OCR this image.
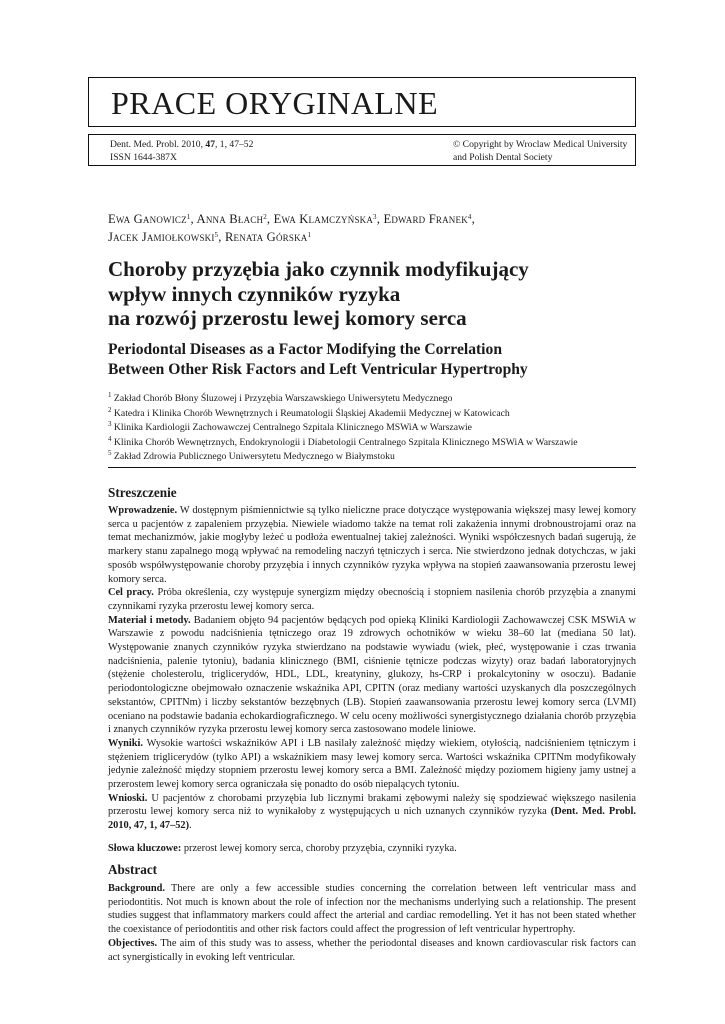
PRACE ORYGINALNE
Dent. Med. Probl. 2010, 47, 1, 47–52
ISSN 1644-387X
© Copyright by Wroclaw Medical University
and Polish Dental Society
Ewa Ganowicz$^1$, Anna Błach$^2$, Ewa Klamczyńska$^3$, Edward Franek$^4$,
Jacek Jamiołkowski$^5$, Renata Górska$^1$
Choroby przyzębia jako czynnik modyfikujący
wpływ innych czynników ryzyka
na rozwój przerostu lewej komory serca
Periodontal Diseases as a Factor Modifying the Correlation
Between Other Risk Factors and Left Ventricular Hypertrophy
$^1$ Zakład Chorób Błony Śluzowej i Przyzębia Warszawskiego Uniwersytetu Medycznego
$^2$ Katedra i Klinika Chorób Wewnętrznych i Reumatologii Śląskiej Akademii Medycznej w Katowicach
$^3$ Klinika Kardiologii Zachowawczej Centralnego Szpitala Klinicznego MSWiA w Warszawie
$^4$ Klinika Chorób Wewnętrznych, Endokrynologii i Diabetologii Centralnego Szpitala Klinicznego MSWiA w Warszawie
$^5$ Zakład Zdrowia Publicznego Uniwersytetu Medycznego w Białymstoku
Streszczenie

Wprowadzenie. W dostępnym piśmiennictwie są tylko nieliczne prace dotyczące występowania większej masy lewej komory serca u pacjentów z zapaleniem przyzębia. Niewiele wiadomo także na temat roli zakażenia innymi drobnoustrojami oraz na temat mechanizmów, jakie mogłyby leżeć u podłoża ewentualnej takiej zależności. Wyniki współczesnych badań sugerują, że markery stanu zapalnego mogą wpływać na remodeling naczyń tętniczych i serca. Nie stwierdzono jednak dotychczas, w jaki sposób współwystępowanie choroby przyzębia i innych czynników ryzyka wpływa na stopień zaawansowania przerostu lewej komory serca.

Cel pracy. Próba określenia, czy występuje synergizm między obecnością i stopniem nasilenia chorób przyzębia a znanymi czynnikami ryzyka przerostu lewej komory serca.

Materiał i metody. Badaniem objęto 94 pacjentów będących pod opieką Kliniki Kardiologii Zachowawczej CSK MSWiA w Warszawie z powodu nadciśnienia tętniczego oraz 19 zdrowych ochotników w wieku 38–60 lat (mediana 50 lat). Występowanie znanych czynników ryzyka stwierdzano na podstawie wywiadu (wiek, płeć, występowanie i czas trwania nadciśnienia, palenie tytoniu), badania klinicznego (BMI, ciśnienie tętnicze podczas wizyty) oraz badań laboratoryjnych (stężenie cholesterolu, triglicerydów, HDL, LDL, kreatyniny, glukozy, hs-CRP i prokalcytoniny w osoczu). Badanie periodontologiczne obejmowało oznaczenie wskaźnika API, CPITN (oraz mediany wartości uzyskanych dla poszczególnych sekstantów, CPITNm) i liczby sekstantów bezzębnych (LB). Stopień zaawansowania przerostu lewej komory serca (LVMI) oceniano na podstawie badania echokardiograficznego. W celu oceny możliwości synergistycznego działania chorób przyzębia i znanych czynników ryzyka przerostu lewej komory serca zastosowano modele liniowe.

Wyniki. Wysokie wartości wskaźników API i LB nasilały zależność między wiekiem, otyłością, nadciśnieniem tętniczym i stężeniem triglicerydów (tylko API) a wskaźnikiem masy lewej komory serca. Wartości wskaźnika CPITNm modyfikowały jedynie zależność między stopniem przerostu lewej komory serca a BMI. Zależność między poziomem higieny jamy ustnej a przerostem lewej komory serca ograniczała się ponadto do osób niepalących tytoniu.

Wnioski. U pacjentów z chorobami przyzębia lub licznymi brakami zębowymi należy się spodziewać większego nasilenia przerostu lewej komory serca niż to wynikałoby z występujących u nich uznanych czynników ryzyka (Dent. Med. Probl. 2010, 47, 1, 47–52).

Słowa kluczowe: przerost lewej komory serca, choroby przyzębia, czynniki ryzyka.

Abstract

Background. There are only a few accessible studies concerning the correlation between left ventricular mass and periodontitis. Not much is known about the role of infection nor the mechanisms underlying such a relationship. The present studies suggest that inflammatory markers could affect the arterial and cardiac remodelling. Yet it has not been stated whether the coexistance of periodontitis and other risk factors could affect the progression of left ventricular hypertrophy.

Objectives. The aim of this study was to assess, whether the periodontal diseases and known cardiovascular risk factors can act synergistically in evoking left ventricular.
